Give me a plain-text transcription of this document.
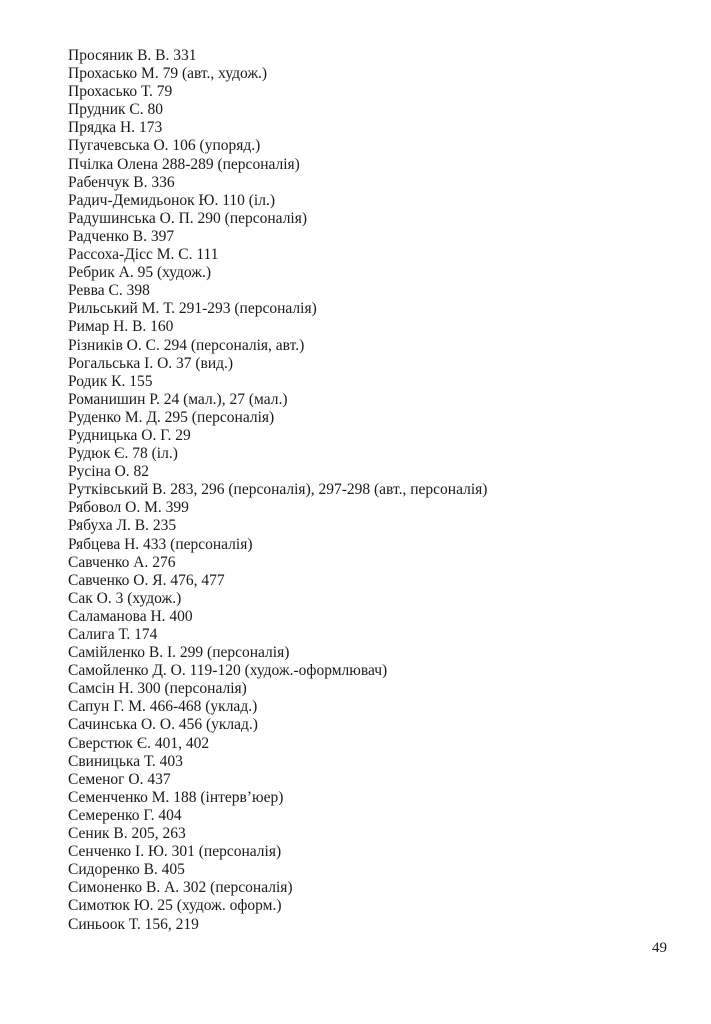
Просяник В. В. 331
Прохасько М. 79 (авт., худож.)
Прохасько Т. 79
Прудник С. 80
Прядка Н. 173
Пугачевська О. 106 (упоряд.)
Пчілка Олена 288-289 (персоналія)
Рабенчук В. 336
Радич-Демидьонок Ю. 110 (іл.)
Радушинська О. П. 290 (персоналія)
Радченко В. 397
Рассоха-Дісс М. С. 111
Ребрик А. 95 (худож.)
Ревва С. 398
Рильський М. Т. 291-293 (персоналія)
Римар Н. В. 160
Різників О. С. 294 (персоналія, авт.)
Рогальська І. О. 37 (вид.)
Родик К. 155
Романишин Р. 24 (мал.), 27 (мал.)
Руденко М. Д. 295 (персоналія)
Рудницька О. Г. 29
Рудюк Є. 78 (іл.)
Русіна О. 82
Рутківський В. 283, 296 (персоналія), 297-298 (авт., персоналія)
Рябовол О. М. 399
Рябуха Л. В. 235
Рябцева Н. 433 (персоналія)
Савченко А. 276
Савченко О. Я. 476, 477
Сак О. 3 (худож.)
Саламанова Н. 400
Салига Т. 174
Самійленко В. І. 299 (персоналія)
Самойленко Д. О. 119-120 (худож.-оформлювач)
Самсін Н. 300 (персоналія)
Сапун Г. М. 466-468 (уклад.)
Сачинська О. О. 456 (уклад.)
Сверстюк Є. 401, 402
Свиницька Т. 403
Семеног О. 437
Семенченко М. 188 (інтерв’юер)
Семеренко Г. 404
Сеник В. 205, 263
Сенченко І. Ю. 301 (персоналія)
Сидоренко В. 405
Симоненко В. А. 302 (персоналія)
Симотюк Ю. 25 (худож. оформ.)
Синьоок Т. 156, 219
49
